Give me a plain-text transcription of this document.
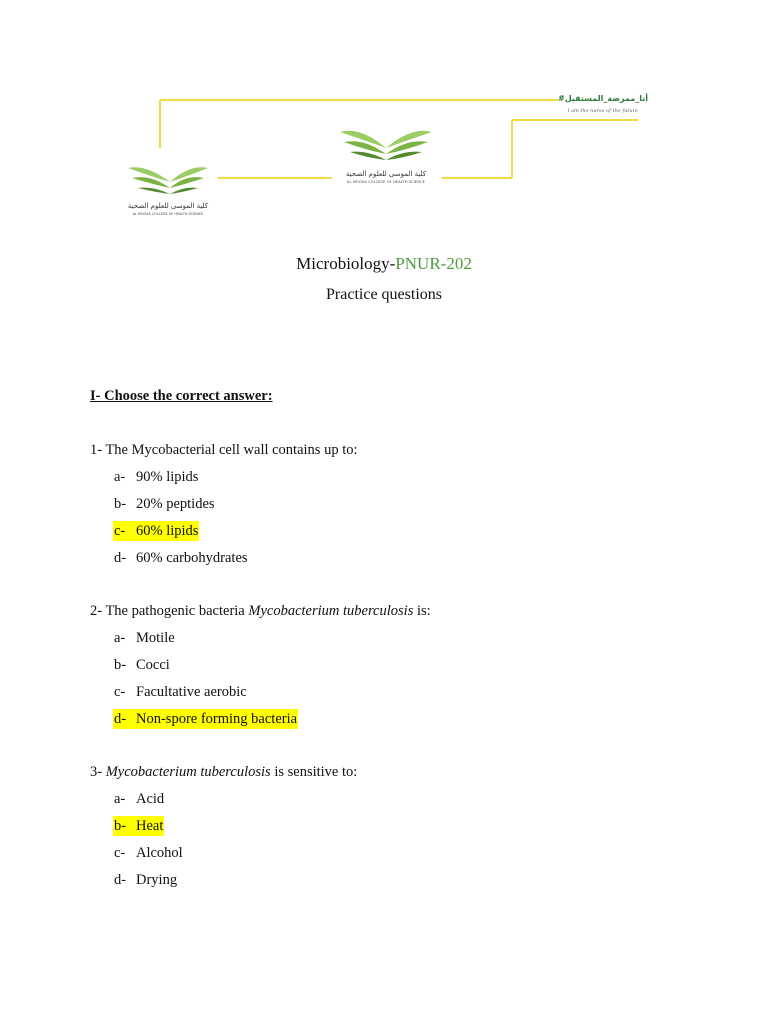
#أنا_ممرضة_المستقبل
I am the nurse of the future
كلية الموسى للعلوم الصحية
AL MOOSA COLLEGE OF HEALTH SCIENCE
كلية الموسى للعلوم الصحية
AL MOOSA COLLEGE OF HEALTH SCIENCE
Microbiology-PNUR-202
Practice questions
I- Choose the correct answer:
1- The Mycobacterial cell wall contains up to:
a- 90% lipids
b- 20% peptides
c- 60% lipids
d- 60% carbohydrates
2- The pathogenic bacteria Mycobacterium tuberculosis is:
a- Motile
b- Cocci
c- Facultative aerobic
d- Non-spore forming bacteria
3- Mycobacterium tuberculosis is sensitive to:
a- Acid
b- Heat
c- Alcohol
d- Drying
